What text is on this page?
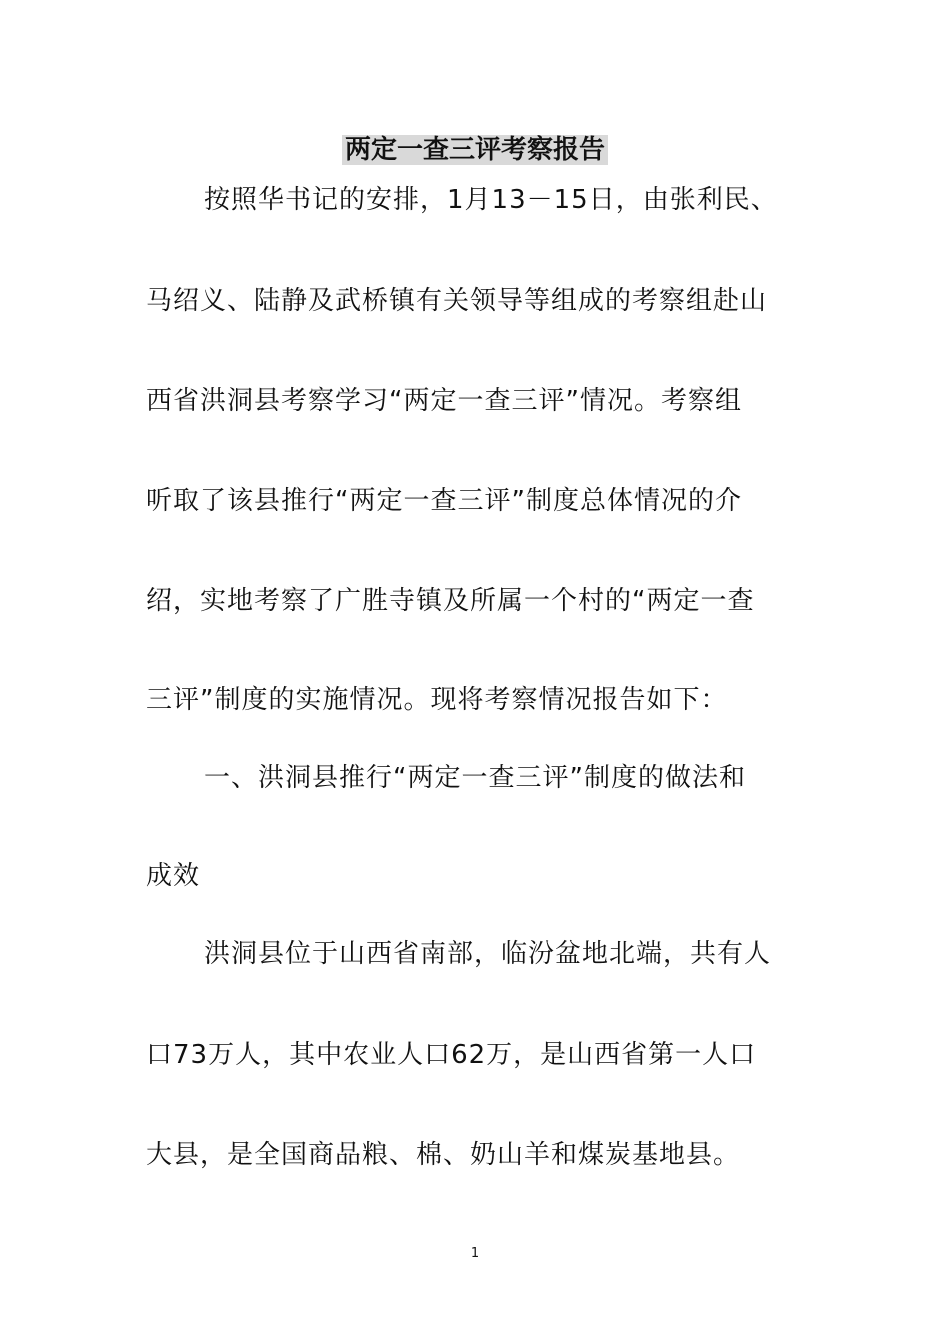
两定一查三评考察报告
按照华书记的安排，1月13－15日，由张利民、
马绍义、陆静及武桥镇有关领导等组成的考察组赴山
西省洪洞县考察学习“两定一查三评”情况。考察组
听取了该县推行“两定一查三评”制度总体情况的介
绍，实地考察了广胜寺镇及所属一个村的“两定一查
三评”制度的实施情况。现将考察情况报告如下：
一、洪洞县推行“两定一查三评”制度的做法和
成效
洪洞县位于山西省南部，临汾盆地北端，共有人
口73万人，其中农业人口62万，是山西省第一人口
大县，是全国商品粮、棉、奶山羊和煤炭基地县。
1
